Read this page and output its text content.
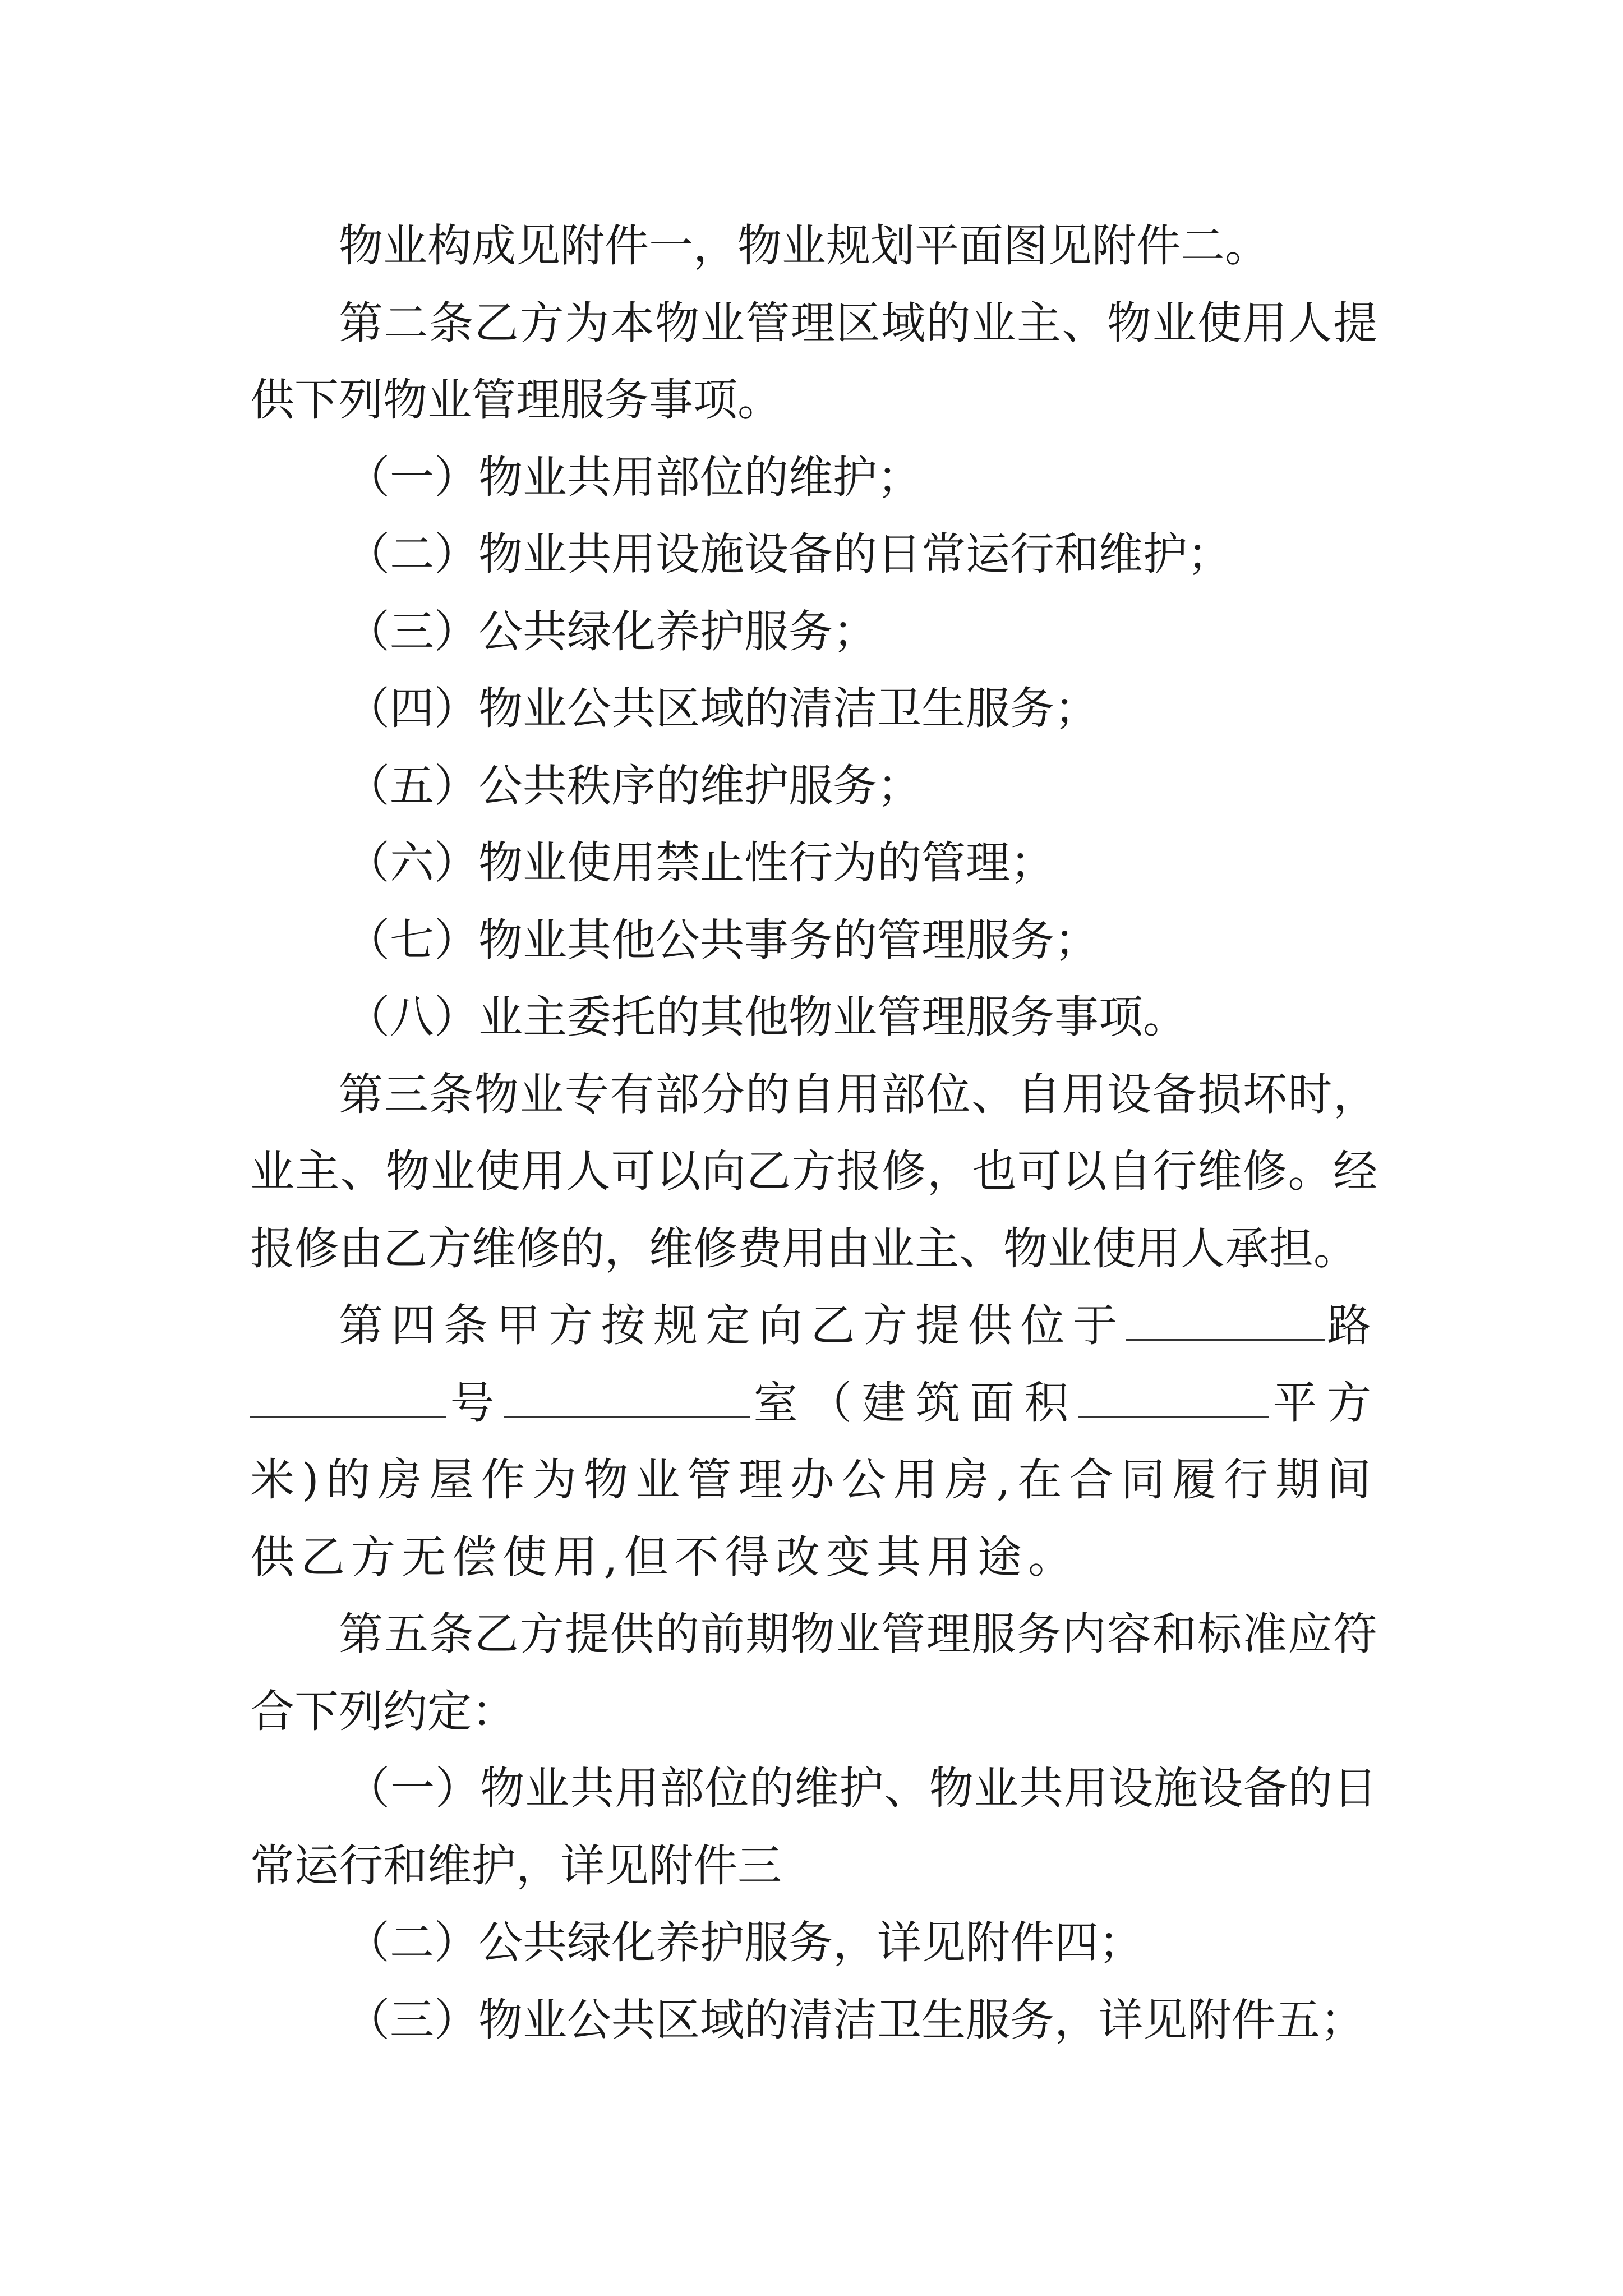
物业构成见附件一，物业规划平面图见附件二。

第二条乙方为本物业管理区域的业主、物业使用人提供下列物业管理服务事项。

（一）物业共用部位的维护；

（二）物业共用设施设备的日常运行和维护；

（三）公共绿化养护服务；

（四）物业公共区域的清洁卫生服务；

（五）公共秩序的维护服务；

（六）物业使用禁止性行为的管理；

（七）物业其他公共事务的管理服务；

（八）业主委托的其他物业管理服务事项。

第三条物业专有部分的自用部位、自用设备损坏时，业主、物业使用人可以向乙方报修，也可以自行维修。经报修由乙方维修的，维修费用由业主、物业使用人承担。

第四条甲方按规定向乙方提供位于	路号	室（建筑面积	平方米)的房屋作为物业管理办公用房,在合同履行期间供乙方无偿使用,但不得改变其用途。

第五条乙方提供的前期物业管理服务内容和标准应符合下列约定：

（一）物业共用部位的维护、物业共用设施设备的日常运行和维护，详见附件三

（二）公共绿化养护服务，详见附件四；

（三）物业公共区域的清洁卫生服务，详见附件五；
